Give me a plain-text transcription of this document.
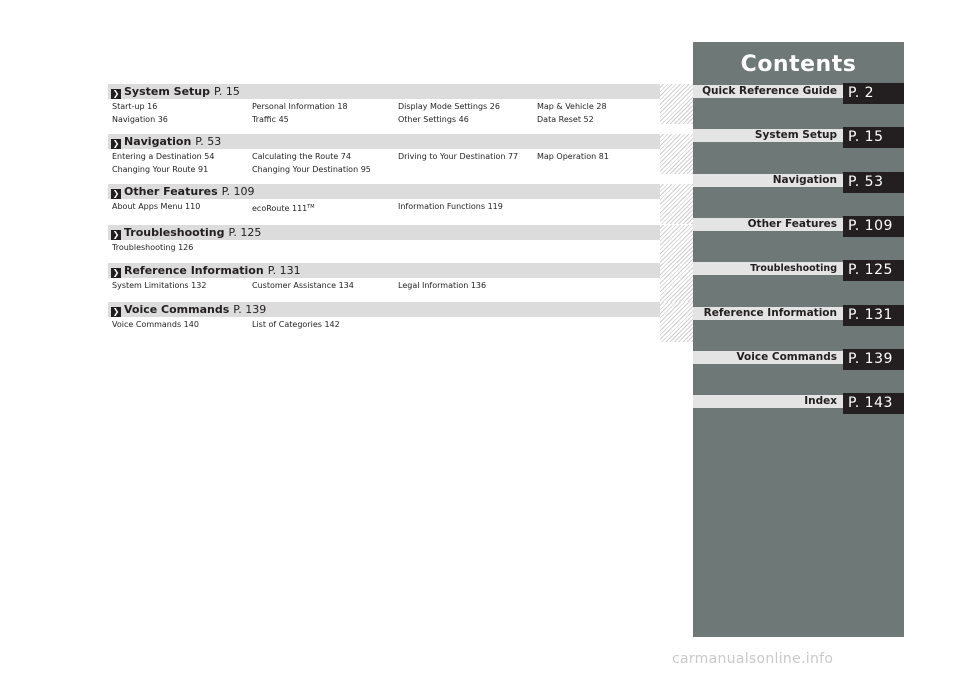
❯ System Setup P. 15
Start-up 16	Personal Information 18	Display Mode Settings 26	Map & Vehicle 28
Navigation 36	Traffic 45	Other Settings 46	Data Reset 52
❯ Navigation P. 53
Entering a Destination 54	Calculating the Route 74	Driving to Your Destination 77	Map Operation 81
Changing Your Route 91	Changing Your Destination 95
❯ Other Features P. 109
About Apps Menu 110	ecoRoute 111™	Information Functions 119
❯ Troubleshooting P. 125
Troubleshooting 126
❯ Reference Information P. 131
System Limitations 132	Customer Assistance 134	Legal Information 136
❯ Voice Commands P. 139
Voice Commands 140	List of Categories 142
Contents
Quick Reference Guide P. 2
System Setup P. 15
Navigation P. 53
Other Features P. 109
Troubleshooting P. 125
Reference Information P. 131
Voice Commands P. 139
Index P. 143
carmanualsonline.info
